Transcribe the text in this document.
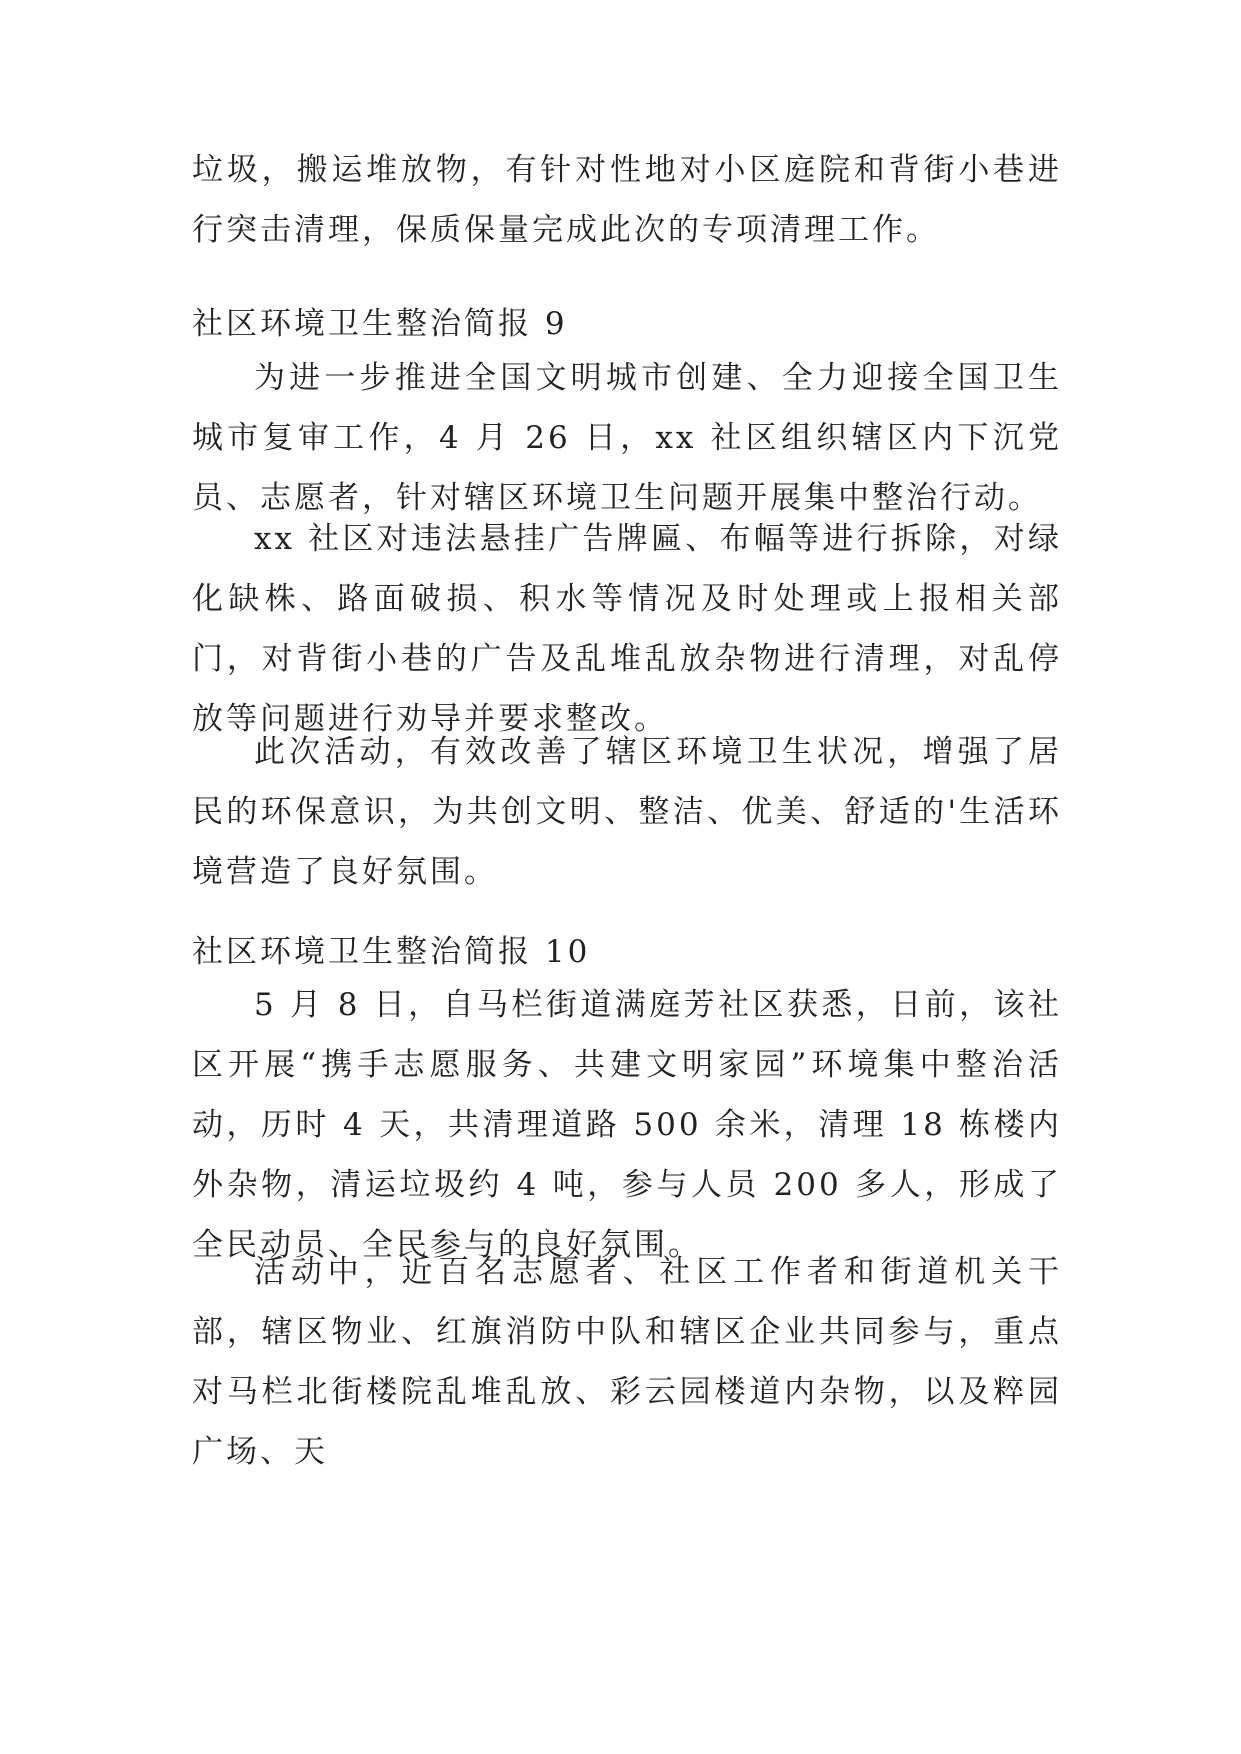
垃圾，搬运堆放物，有针对性地对小区庭院和背街小巷进行突击清理，保质保量完成此次的专项清理工作。

社区环境卫生整治简报 9

为进一步推进全国文明城市创建、全力迎接全国卫生城市复审工作，4 月 26 日，xx 社区组织辖区内下沉党员、志愿者，针对辖区环境卫生问题开展集中整治行动。

xx 社区对违法悬挂广告牌匾、布幅等进行拆除，对绿化缺株、路面破损、积水等情况及时处理或上报相关部门，对背街小巷的广告及乱堆乱放杂物进行清理，对乱停放等问题进行劝导并要求整改。

此次活动，有效改善了辖区环境卫生状况，增强了居民的环保意识，为共创文明、整洁、优美、舒适的'生活环境营造了良好氛围。

社区环境卫生整治简报 10

5 月 8 日，自马栏街道满庭芳社区获悉，日前，该社区开展“携手志愿服务、共建文明家园”环境集中整治活动，历时 4 天，共清理道路 500 余米，清理 18 栋楼内外杂物，清运垃圾约 4 吨，参与人员 200 多人，形成了全民动员、全民参与的良好氛围。

活动中，近百名志愿者、社区工作者和街道机关干部，辖区物业、红旗消防中队和辖区企业共同参与，重点对马栏北街楼院乱堆乱放、彩云园楼道内杂物，以及粹园广场、天
